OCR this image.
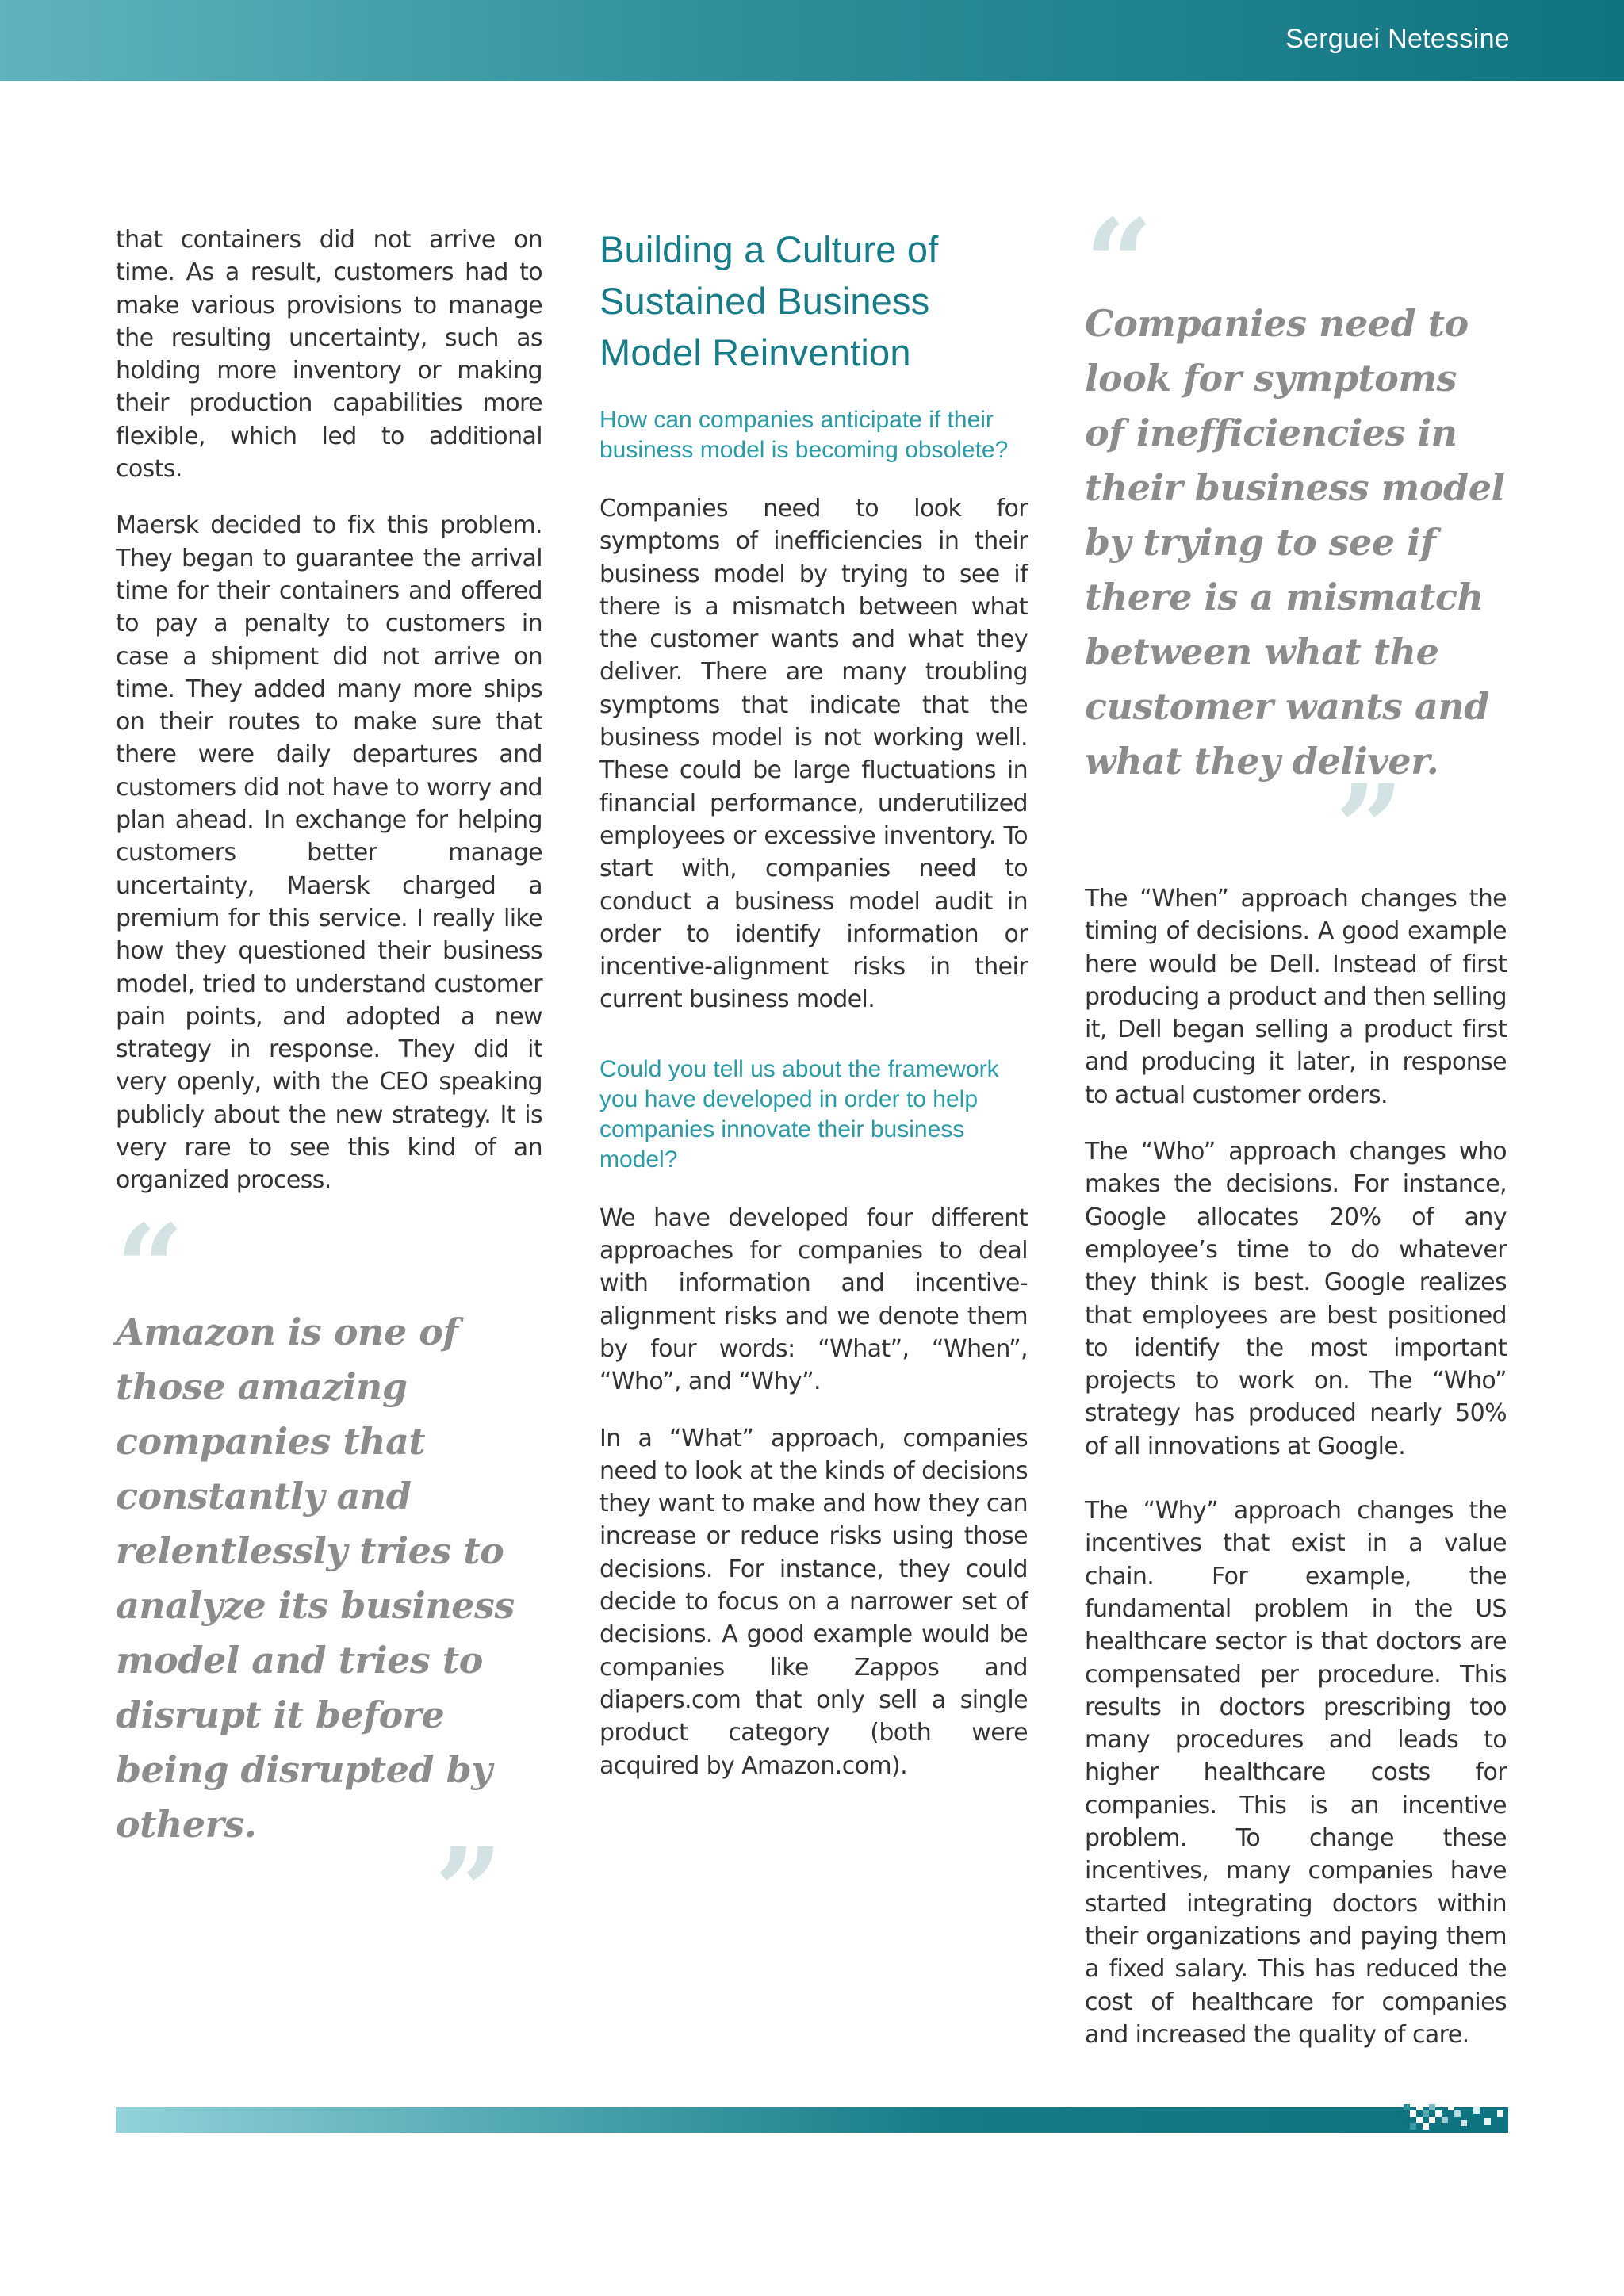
Serguei Netessine

that containers did not arrive on time. As a result, customers had to make various provisions to manage the resulting uncertainty, such as holding more inventory or making their production capabilities more flexible, which led to additional costs.

Maersk decided to fix this problem. They began to guarantee the arrival time for their containers and offered to pay a penalty to customers in case a shipment did not arrive on time. They added many more ships on their routes to make sure that there were daily departures and customers did not have to worry and plan ahead. In exchange for helping customers better manage uncertainty, Maersk charged a premium for this service. I really like how they questioned their business model, tried to understand customer pain points, and adopted a new strategy in response. They did it very openly, with the CEO speaking publicly about the new strategy. It is very rare to see this kind of an organized process.

“
Amazon is one of those amazing companies that constantly and relentlessly tries to analyze its business model and tries to disrupt it before being disrupted by others.	”
Building a Culture of Sustained Business Model Reinvention
How can companies anticipate if their business model is becoming obsolete?

Companies need to look for symptoms of inefficiencies in their business model by trying to see if there is a mismatch between what the customer wants and what they deliver. There are many troubling symptoms that indicate that the business model is not working well. These could be large fluctuations in financial performance, underutilized employees or excessive inventory. To start with, companies need to conduct a business model audit in order to identify information or incentive-alignment risks in their current business model.

Could you tell us about the framework you have developed in order to help companies innovate their business model?

We have developed four different approaches for companies to deal with information and incentive-alignment risks and we denote them by four words: “What”, “When”, “Who”, and “Why”.

In a “What” approach, companies need to look at the kinds of decisions they want to make and how they can increase or reduce risks using those decisions. For instance, they could decide to focus on a narrower set of decisions. A good example would be companies like Zappos and diapers.com that only sell a single product category (both were acquired by Amazon.com).

“
Companies need to look for symptoms of inefficiencies in their business model by trying to see if there is a mismatch between what the customer wants and what they deliver.
”

The “When” approach changes the timing of decisions. A good example here would be Dell. Instead of first producing a product and then selling it, Dell began selling a product first and producing it later, in response to actual customer orders.

The “Who” approach changes who makes the decisions. For instance, Google allocates 20% of any employee’s time to do whatever they think is best. Google realizes that employees are best positioned to identify the most important projects to work on. The “Who” strategy has produced nearly 50% of all innovations at Google.

The “Why” approach changes the incentives that exist in a value chain. For example, the fundamental problem in the US healthcare sector is that doctors are compensated per procedure. This results in doctors prescribing too many procedures and leads to higher healthcare costs for companies. This is an incentive problem. To change these incentives, many companies have started integrating doctors within their organizations and paying them a fixed salary. This has reduced the cost of healthcare for companies and increased the quality of care.
